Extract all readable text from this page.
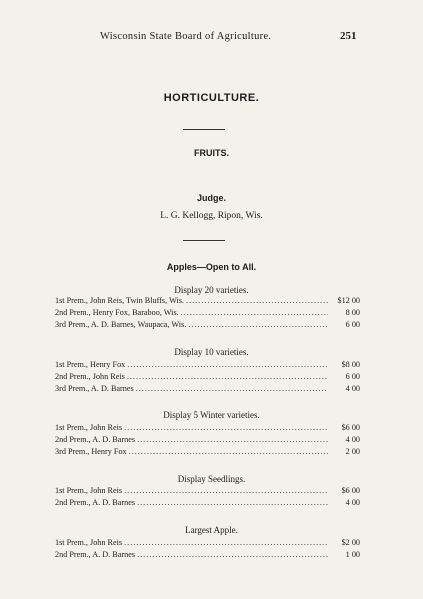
Wisconsin State Board of Agriculture.	251
HORTICULTURE.
FRUITS.
Judge.
L. G. Kellogg, Ripon, Wis.
Apples—Open to All.
Display 20 varieties.
1st Prem., John Reis, Twin Bluffs, Wis. .....	$12 00
2nd Prem., Henry Fox, Baraboo, Wis. .....	8 00
3rd Prem., A. D. Barnes, Waupaca, Wis. .....	6 00
Display 10 varieties.
1st Prem., Henry Fox .....	$8 00
2nd Prem., John Reis .....	6 00
3rd Prem., A. D. Barnes .....	4 00
Display 5 Winter varieties.
1st Prem., John Reis .....	$6 00
2nd Prem., A. D. Barnes .....	4 00
3rd Prem., Henry Fox .....	2 00
Display Seedlings.
1st Prem., John Reis .....	$6 00
2nd Prem., A. D. Barnes .....	4 00
Largest Apple.
1st Prem., John Reis .....	$2 00
2nd Prem., A. D. Barnes .....	1 00
